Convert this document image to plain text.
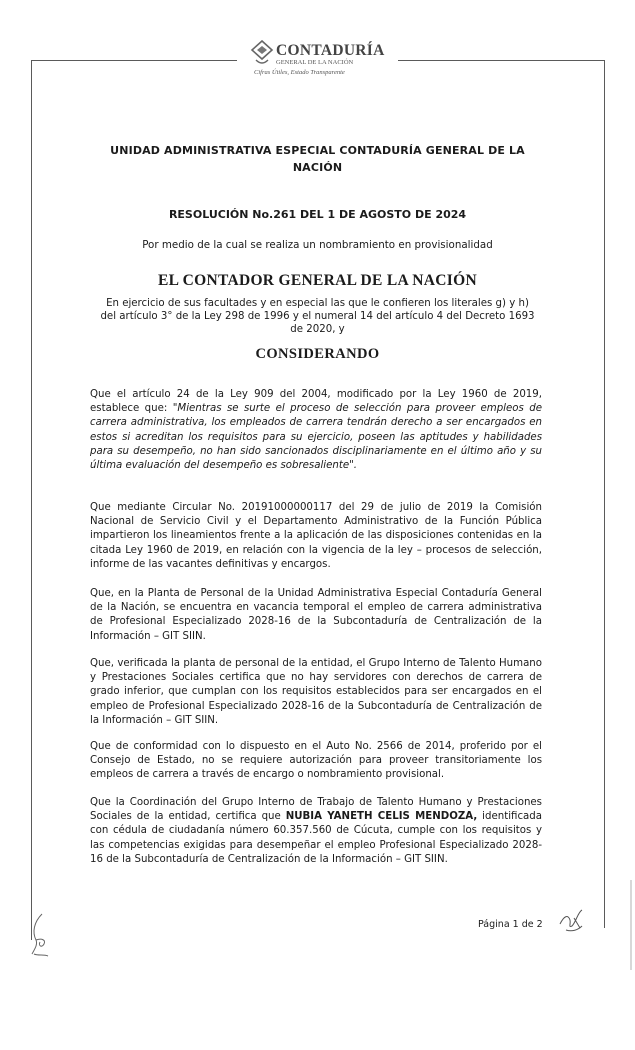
CONTADURÍA
GENERAL DE LA NACIÓN
Cifras Útiles, Estado Transparente
UNIDAD ADMINISTRATIVA ESPECIAL CONTADURÍA GENERAL DE LA
NACIÓN
RESOLUCIÓN No.261 DEL 1 DE AGOSTO DE 2024
Por medio de la cual se realiza un nombramiento en provisionalidad
EL CONTADOR GENERAL DE LA NACIÓN
En ejercicio de sus facultades y en especial las que le confieren los literales g) y h) del artículo 3° de la Ley 298 de 1996 y el numeral 14 del artículo 4 del Decreto 1693 de 2020, y
CONSIDERANDO
Que el artículo 24 de la Ley 909 del 2004, modificado por la Ley 1960 de 2019, establece que: "Mientras se surte el proceso de selección para proveer empleos de carrera administrativa, los empleados de carrera tendrán derecho a ser encargados en estos si acreditan los requisitos para su ejercicio, poseen las aptitudes y habilidades para su desempeño, no han sido sancionados disciplinariamente en el último año y su última evaluación del desempeño es sobresaliente".
Que mediante Circular No. 20191000000117 del 29 de julio de 2019 la Comisión Nacional de Servicio Civil y el Departamento Administrativo de la Función Pública impartieron los lineamientos frente a la aplicación de las disposiciones contenidas en la citada Ley 1960 de 2019, en relación con la vigencia de la ley – procesos de selección, informe de las vacantes definitivas y encargos.
Que, en la Planta de Personal de la Unidad Administrativa Especial Contaduría General de la Nación, se encuentra en vacancia temporal el empleo de carrera administrativa de Profesional Especializado 2028-16 de la Subcontaduría de Centralización de la Información – GIT SIIN.
Que, verificada la planta de personal de la entidad, el Grupo Interno de Talento Humano y Prestaciones Sociales certifica que no hay servidores con derechos de carrera de grado inferior, que cumplan con los requisitos establecidos para ser encargados en el empleo de Profesional Especializado 2028-16 de la Subcontaduría de Centralización de la Información – GIT SIIN.
Que de conformidad con lo dispuesto en el Auto No. 2566 de 2014, proferido por el Consejo de Estado, no se requiere autorización para proveer transitoriamente los empleos de carrera a través de encargo o nombramiento provisional.
Que la Coordinación del Grupo Interno de Trabajo de Talento Humano y Prestaciones Sociales de la entidad, certifica que NUBIA YANETH CELIS MENDOZA, identificada con cédula de ciudadanía número 60.357.560 de Cúcuta, cumple con los requisitos y las competencias exigidas para desempeñar el empleo Profesional Especializado 2028-16 de la Subcontaduría de Centralización de la Información – GIT SIIN.
Página 1 de 2
